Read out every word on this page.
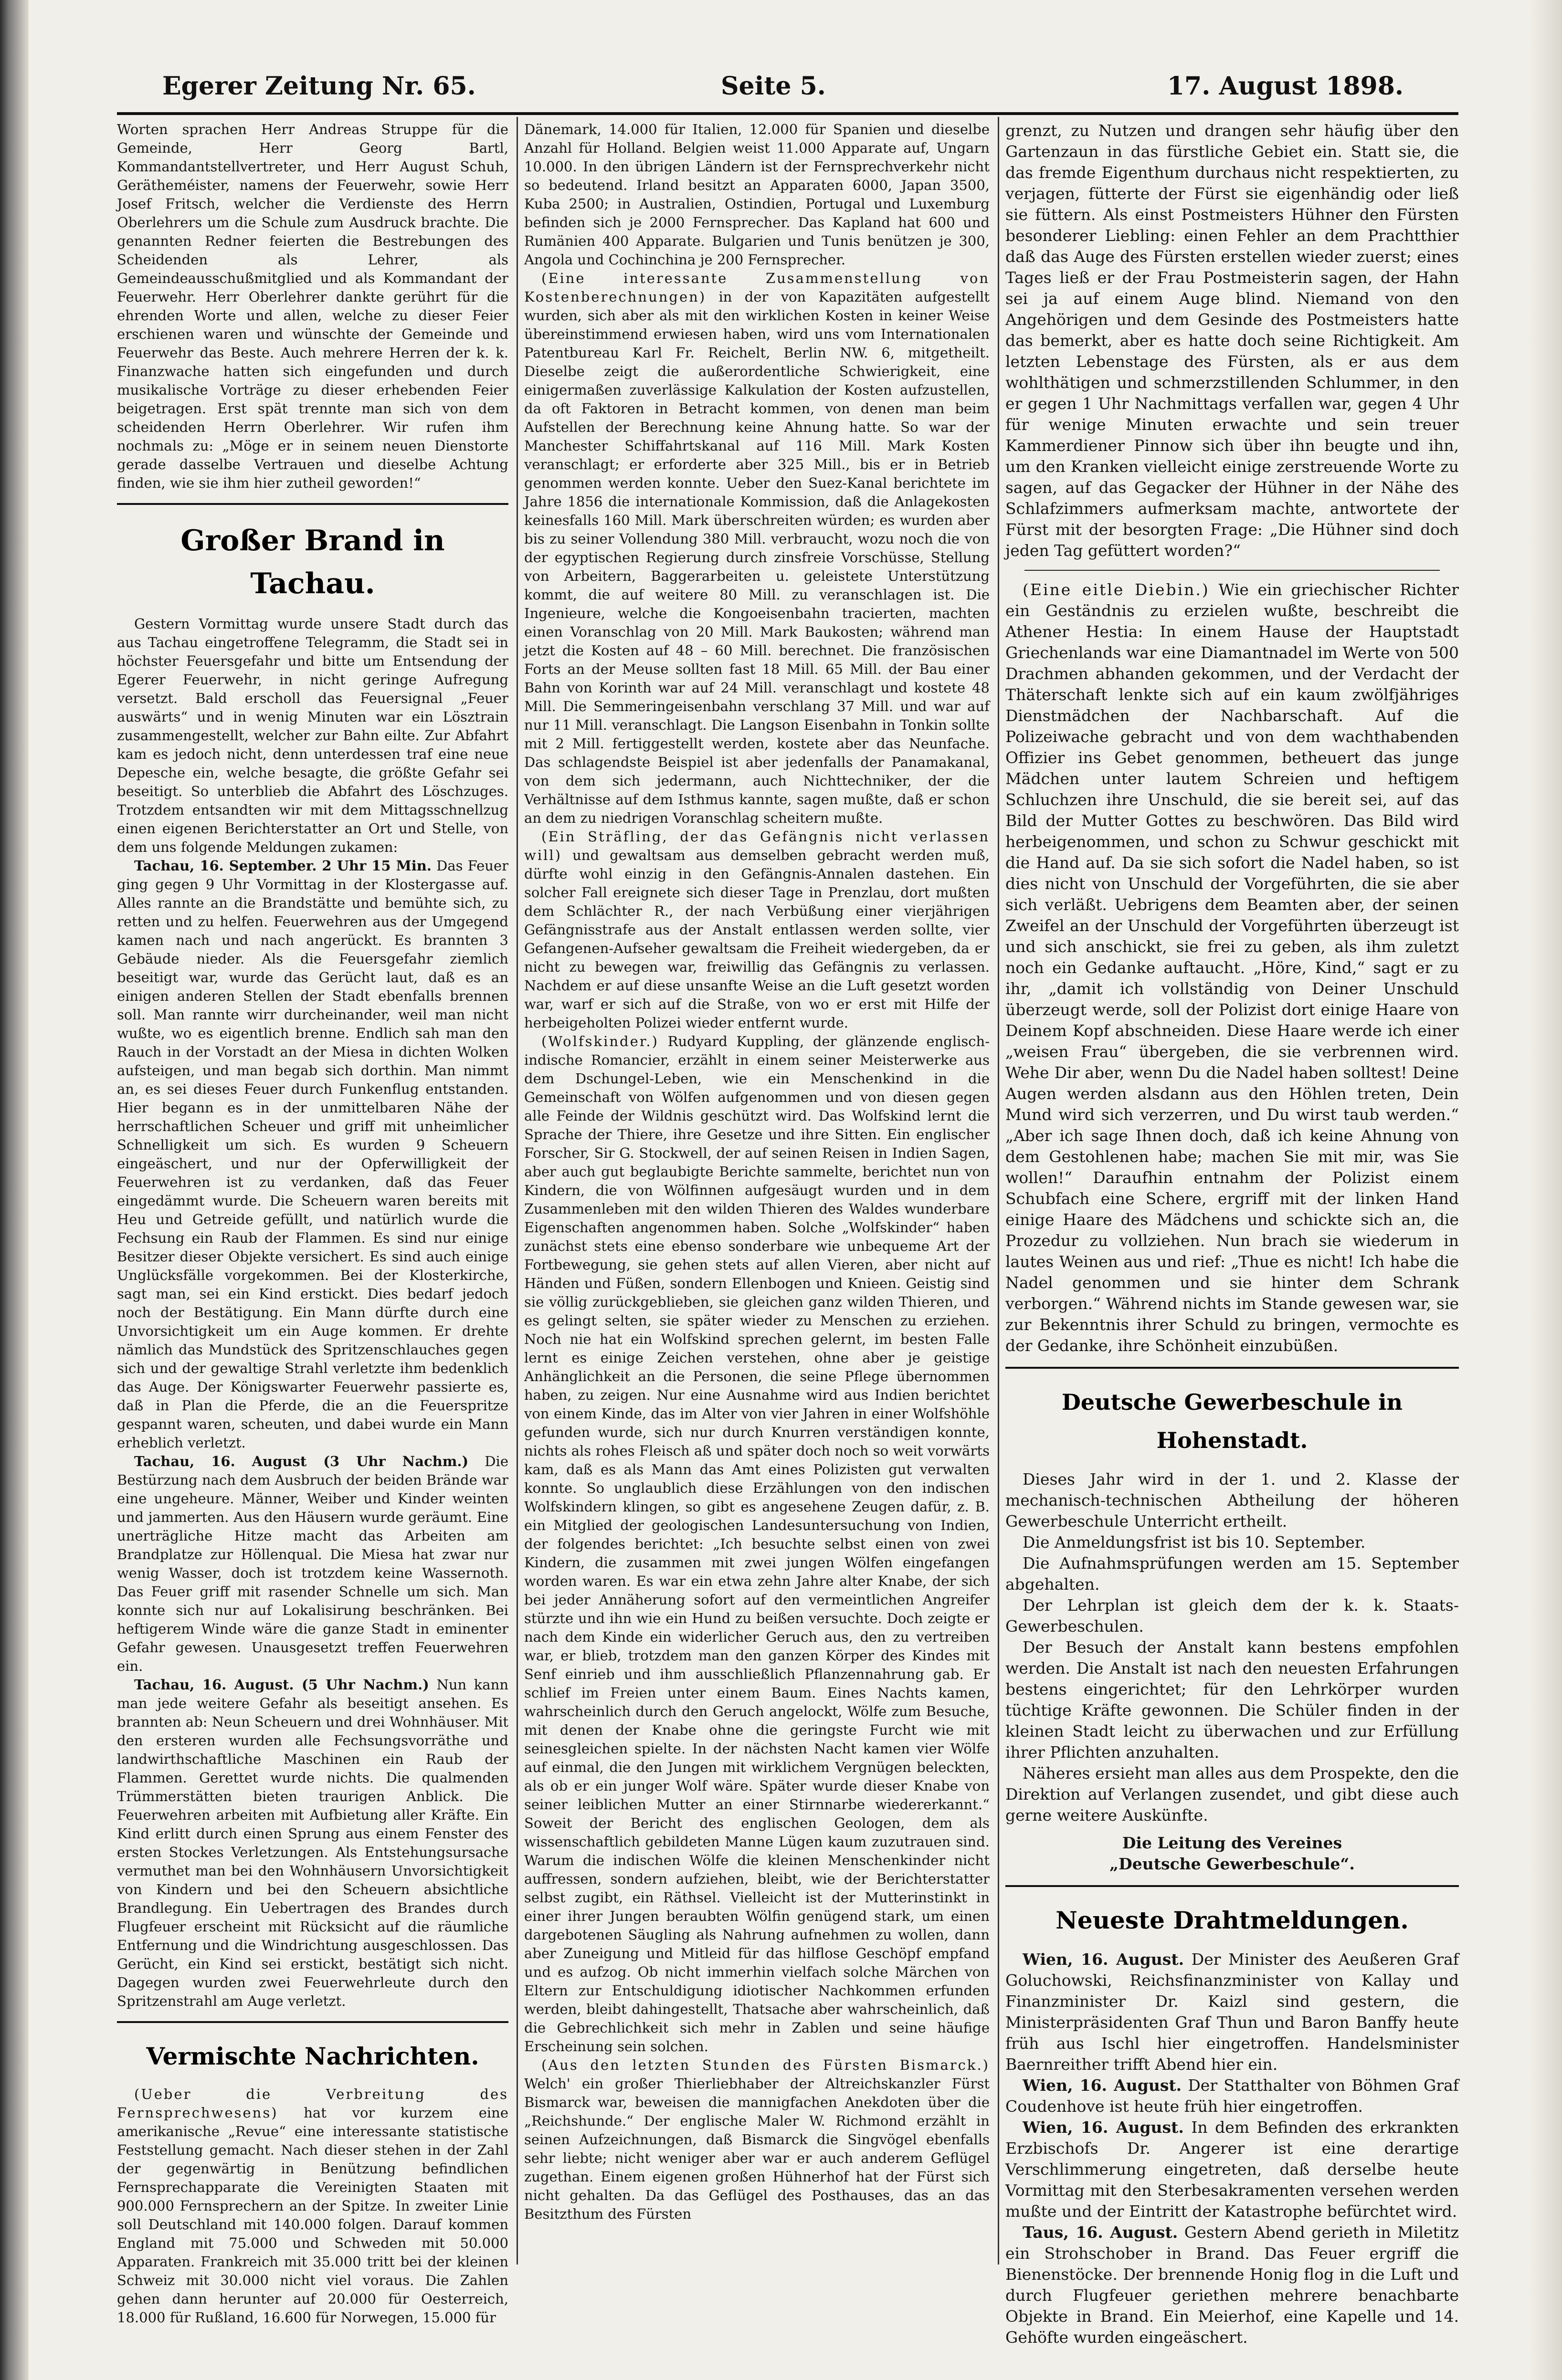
Egerer Zeitung Nr. 65.	Seite 5.	17. August 1898.

Worten sprachen Herr Andreas Struppe für die Gemeinde, Herr Georg Bartl, Kommandantstellvertreter, und Herr August Schuh, Gerätheméister, namens der Feuerwehr, sowie Herr Josef Fritsch, welcher die Verdienste des Herrn Oberlehrers um die Schule zum Ausdruck brachte. Die genannten Redner feierten die Bestrebungen des Scheidenden als Lehrer, als Gemeindeausschußmitglied und als Kommandant der Feuerwehr. Herr Oberlehrer dankte gerührt für die ehrenden Worte und allen, welche zu dieser Feier erschienen waren und wünschte der Gemeinde und Feuerwehr das Beste. Auch mehrere Herren der k. k. Finanzwache hatten sich eingefunden und durch musikalische Vorträge zu dieser erhebenden Feier beigetragen. Erst spät trennte man sich von dem scheidenden Herrn Oberlehrer. Wir rufen ihm nochmals zu: „Möge er in seinem neuen Dienstorte gerade dasselbe Vertrauen und dieselbe Achtung finden, wie sie ihm hier zutheil geworden!“

Großer Brand in Tachau.

Gestern Vormittag wurde unsere Stadt durch das aus Tachau eingetroffene Telegramm, die Stadt sei in höchster Feuersgefahr und bitte um Entsendung der Egerer Feuerwehr, in nicht geringe Aufregung versetzt. Bald erscholl das Feuersignal „Feuer auswärts“ und in wenig Minuten war ein Lösztrain zusammengestellt, welcher zur Bahn eilte. Zur Abfahrt kam es jedoch nicht, denn unterdessen traf eine neue Depesche ein, welche besagte, die größte Gefahr sei beseitigt. So unterblieb die Abfahrt des Löschzuges. Trotzdem entsandten wir mit dem Mittagsschnellzug einen eigenen Berichterstatter an Ort und Stelle, von dem uns folgende Meldungen zukamen:

Tachau, 16. September. 2 Uhr 15 Min. Das Feuer ging gegen 9 Uhr Vormittag in der Klostergasse auf. Alles rannte an die Brandstätte und bemühte sich, zu retten und zu helfen. Feuerwehren aus der Umgegend kamen nach und nach angerückt. Es brannten 3 Gebäude nieder. Als die Feuersgefahr ziemlich beseitigt war, wurde das Gerücht laut, daß es an einigen anderen Stellen der Stadt ebenfalls brennen soll. Man rannte wirr durcheinander, weil man nicht wußte, wo es eigentlich brenne. Endlich sah man den Rauch in der Vorstadt an der Miesa in dichten Wolken aufsteigen, und man begab sich dorthin. Man nimmt an, es sei dieses Feuer durch Funkenflug entstanden. Hier begann es in der unmittelbaren Nähe der herrschaftlichen Scheuer und griff mit unheimlicher Schnelligkeit um sich. Es wurden 9 Scheuern eingeäschert, und nur der Opferwilligkeit der Feuerwehren ist zu verdanken, daß das Feuer eingedämmt wurde. Die Scheuern waren bereits mit Heu und Getreide gefüllt, und natürlich wurde die Fechsung ein Raub der Flammen. Es sind nur einige Besitzer dieser Objekte versichert. Es sind auch einige Unglücksfälle vorgekommen. Bei der Klosterkirche, sagt man, sei ein Kind erstickt. Dies bedarf jedoch noch der Bestätigung. Ein Mann dürfte durch eine Unvorsichtigkeit um ein Auge kommen. Er drehte nämlich das Mundstück des Spritzenschlauches gegen sich und der gewaltige Strahl verletzte ihm bedenklich das Auge. Der Königswarter Feuerwehr passierte es, daß in Plan die Pferde, die an die Feuerspritze gespannt waren, scheuten, und dabei wurde ein Mann erheblich verletzt.

Tachau, 16. August (3 Uhr Nachm.) Die Bestürzung nach dem Ausbruch der beiden Brände war eine ungeheure. Männer, Weiber und Kinder weinten und jammerten. Aus den Häusern wurde geräumt. Eine unerträgliche Hitze macht das Arbeiten am Brandplatze zur Höllenqual. Die Miesa hat zwar nur wenig Wasser, doch ist trotzdem keine Wassernoth. Das Feuer griff mit rasender Schnelle um sich. Man konnte sich nur auf Lokalisirung beschränken. Bei heftigerem Winde wäre die ganze Stadt in eminenter Gefahr gewesen. Unausgesetzt treffen Feuerwehren ein.

Tachau, 16. August. (5 Uhr Nachm.) Nun kann man jede weitere Gefahr als beseitigt ansehen. Es brannten ab: Neun Scheuern und drei Wohnhäuser. Mit den ersteren wurden alle Fechsungsvorräthe und landwirthschaftliche Maschinen ein Raub der Flammen. Gerettet wurde nichts. Die qualmenden Trümmerstätten bieten traurigen Anblick. Die Feuerwehren arbeiten mit Aufbietung aller Kräfte. Ein Kind erlitt durch einen Sprung aus einem Fenster des ersten Stockes Verletzungen. Als Entstehungsursache vermuthet man bei den Wohnhäusern Unvorsichtigkeit von Kindern und bei den Scheuern absichtliche Brandlegung. Ein Uebertragen des Brandes durch Flugfeuer erscheint mit Rücksicht auf die räumliche Entfernung und die Windrichtung ausgeschlossen. Das Gerücht, ein Kind sei erstickt, bestätigt sich nicht. Dagegen wurden zwei Feuerwehrleute durch den Spritzenstrahl am Auge verletzt.

Vermischte Nachrichten.

(Ueber die Verbreitung des Fernsprechwesens) hat vor kurzem eine amerikanische „Revue“ eine interessante statistische Feststellung gemacht. Nach dieser stehen in der Zahl der gegenwärtig in Benützung befindlichen Fernsprechapparate die Vereinigten Staaten mit 900.000 Fernsprechern an der Spitze. In zweiter Linie soll Deutschland mit 140.000 folgen. Darauf kommen England mit 75.000 und Schweden mit 50.000 Apparaten. Frankreich mit 35.000 tritt bei der kleinen Schweiz mit 30.000 nicht viel voraus. Die Zahlen gehen dann herunter auf 20.000 für Oesterreich, 18.000 für Rußland, 16.600 für Norwegen, 15.000 für

Dänemark, 14.000 für Italien, 12.000 für Spanien und dieselbe Anzahl für Holland. Belgien weist 11.000 Apparate auf, Ungarn 10.000. In den übrigen Ländern ist der Fernsprechverkehr nicht so bedeutend. Irland besitzt an Apparaten 6000, Japan 3500, Kuba 2500; in Australien, Ostindien, Portugal und Luxemburg befinden sich je 2000 Fernsprecher. Das Kapland hat 600 und Rumänien 400 Apparate. Bulgarien und Tunis benützen je 300, Angola und Cochinchina je 200 Fernsprecher.

(Eine interessante Zusammenstellung von Kostenberechnungen) in der von Kapazitäten aufgestellt wurden, sich aber als mit den wirklichen Kosten in keiner Weise übereinstimmend erwiesen haben, wird uns vom Internationalen Patentbureau Karl Fr. Reichelt, Berlin NW. 6, mitgetheilt. Dieselbe zeigt die außerordentliche Schwierigkeit, eine einigermaßen zuverlässige Kalkulation der Kosten aufzustellen, da oft Faktoren in Betracht kommen, von denen man beim Aufstellen der Berechnung keine Ahnung hatte. So war der Manchester Schiffahrtskanal auf 116 Mill. Mark Kosten veranschlagt; er erforderte aber 325 Mill., bis er in Betrieb genommen werden konnte. Ueber den Suez-Kanal berichtete im Jahre 1856 die internationale Kommission, daß die Anlagekosten keinesfalls 160 Mill. Mark überschreiten würden; es wurden aber bis zu seiner Vollendung 380 Mill. verbraucht, wozu noch die von der egyptischen Regierung durch zinsfreie Vorschüsse, Stellung von Arbeitern, Baggerarbeiten u. geleistete Unterstützung kommt, die auf weitere 80 Mill. zu veranschlagen ist. Die Ingenieure, welche die Kongoeisenbahn tracierten, machten einen Voranschlag von 20 Mill. Mark Baukosten; während man jetzt die Kosten auf 48 – 60 Mill. berechnet. Die französischen Forts an der Meuse sollten fast 18 Mill. 65 Mill. der Bau einer Bahn von Korinth war auf 24 Mill. veranschlagt und kostete 48 Mill. Die Semmeringeisenbahn verschlang 37 Mill. und war auf nur 11 Mill. veranschlagt. Die Langson Eisenbahn in Tonkin sollte mit 2 Mill. fertiggestellt werden, kostete aber das Neunfache. Das schlagendste Beispiel ist aber jedenfalls der Panamakanal, von dem sich jedermann, auch Nichttechniker, der die Verhältnisse auf dem Isthmus kannte, sagen mußte, daß er schon an dem zu niedrigen Voranschlag scheitern mußte.

(Ein Sträfling, der das Gefängnis nicht verlassen will) und gewaltsam aus demselben gebracht werden muß, dürfte wohl einzig in den Gefängnis-Annalen dastehen. Ein solcher Fall ereignete sich dieser Tage in Prenzlau, dort mußten dem Schlächter R., der nach Verbüßung einer vierjährigen Gefängnisstrafe aus der Anstalt entlassen werden sollte, vier Gefangenen-Aufseher gewaltsam die Freiheit wiedergeben, da er nicht zu bewegen war, freiwillig das Gefängnis zu verlassen. Nachdem er auf diese unsanfte Weise an die Luft gesetzt worden war, warf er sich auf die Straße, von wo er erst mit Hilfe der herbeigeholten Polizei wieder entfernt wurde.

(Wolfskinder.) Rudyard Kuppling, der glänzende englisch-indische Romancier, erzählt in einem seiner Meisterwerke aus dem Dschungel-Leben, wie ein Menschenkind in die Gemeinschaft von Wölfen aufgenommen und von diesen gegen alle Feinde der Wildnis geschützt wird. Das Wolfskind lernt die Sprache der Thiere, ihre Gesetze und ihre Sitten. Ein englischer Forscher, Sir G. Stockwell, der auf seinen Reisen in Indien Sagen, aber auch gut beglaubigte Berichte sammelte, berichtet nun von Kindern, die von Wölfinnen aufgesäugt wurden und in dem Zusammenleben mit den wilden Thieren des Waldes wunderbare Eigenschaften angenommen haben. Solche „Wolfskinder“ haben zunächst stets eine ebenso sonderbare wie unbequeme Art der Fortbewegung, sie gehen stets auf allen Vieren, aber nicht auf Händen und Füßen, sondern Ellenbogen und Knieen. Geistig sind sie völlig zurückgeblieben, sie gleichen ganz wilden Thieren, und es gelingt selten, sie später wieder zu Menschen zu erziehen. Noch nie hat ein Wolfskind sprechen gelernt, im besten Falle lernt es einige Zeichen verstehen, ohne aber je geistige Anhänglichkeit an die Personen, die seine Pflege übernommen haben, zu zeigen. Nur eine Ausnahme wird aus Indien berichtet von einem Kinde, das im Alter von vier Jahren in einer Wolfshöhle gefunden wurde, sich nur durch Knurren verständigen konnte, nichts als rohes Fleisch aß und später doch noch so weit vorwärts kam, daß es als Mann das Amt eines Polizisten gut verwalten konnte. So unglaublich diese Erzählungen von den indischen Wolfskindern klingen, so gibt es angesehene Zeugen dafür, z. B. ein Mitglied der geologischen Landesuntersuchung von Indien, der folgendes berichtet: „Ich besuchte selbst einen von zwei Kindern, die zusammen mit zwei jungen Wölfen eingefangen worden waren. Es war ein etwa zehn Jahre alter Knabe, der sich bei jeder Annäherung sofort auf den vermeintlichen Angreifer stürzte und ihn wie ein Hund zu beißen versuchte. Doch zeigte er nach dem Kinde ein widerlicher Geruch aus, den zu vertreiben war, er blieb, trotzdem man den ganzen Körper des Kindes mit Senf einrieb und ihm ausschließlich Pflanzennahrung gab. Er schlief im Freien unter einem Baum. Eines Nachts kamen, wahrscheinlich durch den Geruch angelockt, Wölfe zum Besuche, mit denen der Knabe ohne die geringste Furcht wie mit seinesgleichen spielte. In der nächsten Nacht kamen vier Wölfe auf einmal, die den Jungen mit wirklichem Vergnügen beleckten, als ob er ein junger Wolf wäre. Später wurde dieser Knabe von seiner leiblichen Mutter an einer Stirnnarbe wiedererkannt.“ Soweit der Bericht des englischen Geologen, dem als wissenschaftlich gebildeten Manne Lügen kaum zuzutrauen sind. Warum die indischen Wölfe die kleinen Menschenkinder nicht auffressen, sondern aufziehen, bleibt, wie der Berichterstatter selbst zugibt, ein Räthsel. Vielleicht ist der Mutterinstinkt in einer ihrer Jungen beraubten Wölfin genügend stark, um einen dargebotenen Säugling als Nahrung aufnehmen zu wollen, dann aber Zuneigung und Mitleid für das hilflose Geschöpf empfand und es aufzog. Ob nicht immerhin vielfach solche Märchen von Eltern zur Entschuldigung idiotischer Nachkommen erfunden werden, bleibt dahingestellt, Thatsache aber wahrscheinlich, daß die Gebrechlichkeit sich mehr in Zablen und seine häufige Erscheinung sein solchen.

(Aus den letzten Stunden des Fürsten Bismarck.) Welch' ein großer Thierliebhaber der Altreichskanzler Fürst Bismarck war, beweisen die mannigfachen Anekdoten über die „Reichshunde.“ Der englische Maler W. Richmond erzählt in seinen Aufzeichnungen, daß Bismarck die Singvögel ebenfalls sehr liebte; nicht weniger aber war er auch anderem Geflügel zugethan. Einem eigenen großen Hühnerhof hat der Fürst sich nicht gehalten. Da das Geflügel des Posthauses, das an das Besitzthum des Fürsten

grenzt, zu Nutzen und drangen sehr häufig über den Gartenzaun in das fürstliche Gebiet ein. Statt sie, die das fremde Eigenthum durchaus nicht respektierten, zu verjagen, fütterte der Fürst sie eigenhändig oder ließ sie füttern. Als einst Postmeisters Hühner den Fürsten besonderer Liebling: einen Fehler an dem Prachtthier daß das Auge des Fürsten erstellen wieder zuerst; eines Tages ließ er der Frau Postmeisterin sagen, der Hahn sei ja auf einem Auge blind. Niemand von den Angehörigen und dem Gesinde des Postmeisters hatte das bemerkt, aber es hatte doch seine Richtigkeit. Am letzten Lebenstage des Fürsten, als er aus dem wohlthätigen und schmerzstillenden Schlummer, in den er gegen 1 Uhr Nachmittags verfallen war, gegen 4 Uhr für wenige Minuten erwachte und sein treuer Kammerdiener Pinnow sich über ihn beugte und ihn, um den Kranken vielleicht einige zerstreuende Worte zu sagen, auf das Gegacker der Hühner in der Nähe des Schlafzimmers aufmerksam machte, antwortete der Fürst mit der besorgten Frage: „Die Hühner sind doch jeden Tag gefüttert worden?“

(Eine eitle Diebin.) Wie ein griechischer Richter ein Geständnis zu erzielen wußte, beschreibt die Athener Hestia: In einem Hause der Hauptstadt Griechenlands war eine Diamantnadel im Werte von 500 Drachmen abhanden gekommen, und der Verdacht der Thäterschaft lenkte sich auf ein kaum zwölfjähriges Dienstmädchen der Nachbarschaft. Auf die Polizeiwache gebracht und von dem wachthabenden Offizier ins Gebet genommen, betheuert das junge Mädchen unter lautem Schreien und heftigem Schluchzen ihre Unschuld, die sie bereit sei, auf das Bild der Mutter Gottes zu beschwören. Das Bild wird herbeigenommen, und schon zu Schwur geschickt mit die Hand auf. Da sie sich sofort die Nadel haben, so ist dies nicht von Unschuld der Vorgeführten, die sie aber sich verläßt. Uebrigens dem Beamten aber, der seinen Zweifel an der Unschuld der Vorgeführten überzeugt ist und sich anschickt, sie frei zu geben, als ihm zuletzt noch ein Gedanke auftaucht. „Höre, Kind,“ sagt er zu ihr, „damit ich vollständig von Deiner Unschuld überzeugt werde, soll der Polizist dort einige Haare von Deinem Kopf abschneiden. Diese Haare werde ich einer „weisen Frau“ übergeben, die sie verbrennen wird. Wehe Dir aber, wenn Du die Nadel haben solltest! Deine Augen werden alsdann aus den Höhlen treten, Dein Mund wird sich verzerren, und Du wirst taub werden.“ „Aber ich sage Ihnen doch, daß ich keine Ahnung von dem Gestohlenen habe; machen Sie mit mir, was Sie wollen!“ Daraufhin entnahm der Polizist einem Schubfach eine Schere, ergriff mit der linken Hand einige Haare des Mädchens und schickte sich an, die Prozedur zu vollziehen. Nun brach sie wiederum in lautes Weinen aus und rief: „Thue es nicht! Ich habe die Nadel genommen und sie hinter dem Schrank verborgen.“ Während nichts im Stande gewesen war, sie zur Bekenntnis ihrer Schuld zu bringen, vermochte es der Gedanke, ihre Schönheit einzubüßen.

Deutsche Gewerbeschule in Hohenstadt.

Dieses Jahr wird in der 1. und 2. Klasse der mechanisch-technischen Abtheilung der höheren Gewerbeschule Unterricht ertheilt.

Die Anmeldungsfrist ist bis 10. September.

Die Aufnahmsprüfungen werden am 15. September abgehalten.

Der Lehrplan ist gleich dem der k. k. Staats-Gewerbeschulen.

Der Besuch der Anstalt kann bestens empfohlen werden. Die Anstalt ist nach den neuesten Erfahrungen bestens eingerichtet; für den Lehrkörper wurden tüchtige Kräfte gewonnen. Die Schüler finden in der kleinen Stadt leicht zu überwachen und zur Erfüllung ihrer Pflichten anzuhalten.

Näheres ersieht man alles aus dem Prospekte, den die Direktion auf Verlangen zusendet, und gibt diese auch gerne weitere Auskünfte.

Die Leitung des Vereines

„Deutsche Gewerbeschule“.

Neueste Drahtmeldungen.

Wien, 16. August. Der Minister des Aeußeren Graf Goluchowski, Reichsfinanzminister von Kallay und Finanzminister Dr. Kaizl sind gestern, die Ministerpräsidenten Graf Thun und Baron Banffy heute früh aus Ischl hier eingetroffen. Handelsminister Baernreither trifft Abend hier ein.

Wien, 16. August. Der Statthalter von Böhmen Graf Coudenhove ist heute früh hier eingetroffen.

Wien, 16. August. In dem Befinden des erkrankten Erzbischofs Dr. Angerer ist eine derartige Verschlimmerung eingetreten, daß derselbe heute Vormittag mit den Sterbesakramenten versehen werden mußte und der Eintritt der Katastrophe befürchtet wird.

Taus, 16. August. Gestern Abend gerieth in Miletitz ein Strohschober in Brand. Das Feuer ergriff die Bienenstöcke. Der brennende Honig flog in die Luft und durch Flugfeuer geriethen mehrere benachbarte Objekte in Brand. Ein Meierhof, eine Kapelle und 14. Gehöfte wurden eingeäschert.
